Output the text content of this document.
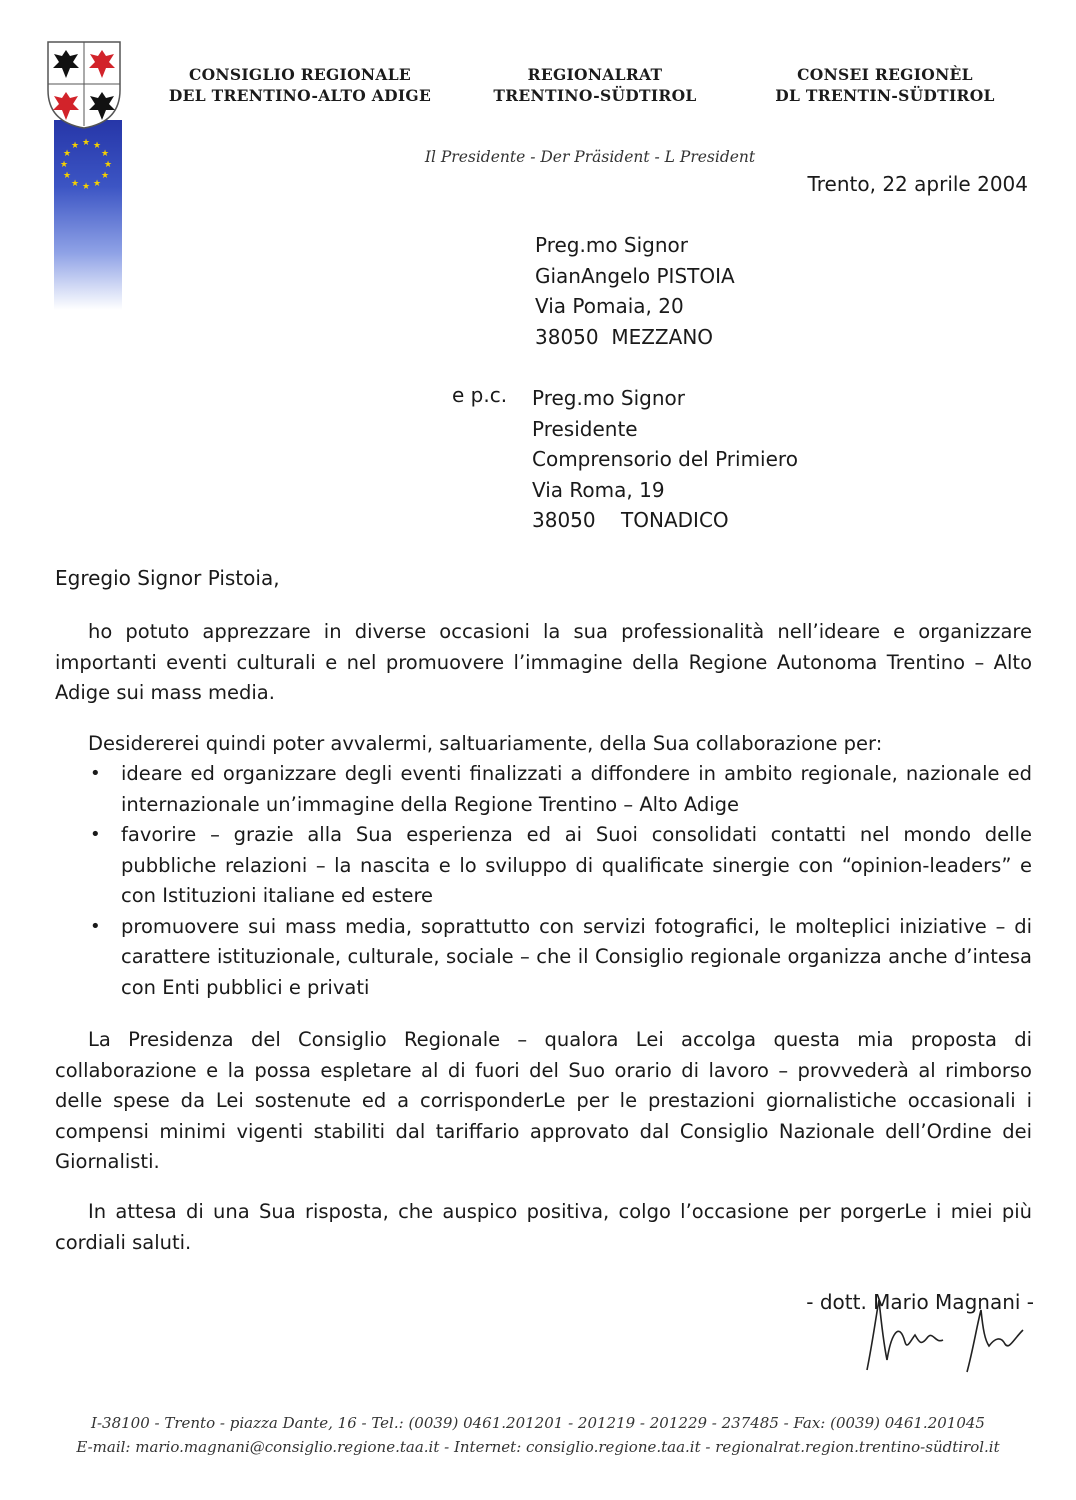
★ ★
★
★
★
★
★
★
★
★
★
★
CONSIGLIO REGIONALE
DEL TRENTINO-ALTO ADIGE
REGIONALRAT
TRENTINO-SÜDTIROL
CONSEI REGIONÈL
DL TRENTIN-SÜDTIROL
Il Presidente - Der Präsident - L President
Trento, 22 aprile 2004
Preg.mo Signor
GianAngelo PISTOIA
Via Pomaia, 20
38050  MEZZANO
e p.c. Preg.mo Signor
Presidente
Comprensorio del Primiero
Via Roma, 19
38050    TONADICO
Egregio Signor Pistoia,

ho potuto apprezzare in diverse occasioni la sua professionalità nell’ideare e organizzare importanti eventi culturali e nel promuovere l’immagine della Regione Autonoma Trentino – Alto Adige sui mass media.

Desidererei quindi poter avvalermi, saltuariamente, della Sua collaborazione per:

• ideare ed organizzare degli eventi finalizzati a diffondere in ambito regionale, nazionale ed internazionale un’immagine della Regione Trentino – Alto Adige
• favorire – grazie alla Sua esperienza ed ai Suoi consolidati contatti nel mondo delle pubbliche relazioni – la nascita e lo sviluppo di qualificate sinergie con “opinion-leaders” e con Istituzioni italiane ed estere
• promuovere sui mass media, soprattutto con servizi fotografici, le molteplici iniziative – di carattere istituzionale, culturale, sociale – che il Consiglio regionale organizza anche d’intesa con Enti pubblici e privati

La Presidenza del Consiglio Regionale – qualora Lei accolga questa mia proposta di collaborazione e la possa espletare al di fuori del Suo orario di lavoro – provvederà al rimborso delle spese da Lei sostenute ed a corrisponderLe per le prestazioni giornalistiche occasionali i compensi minimi vigenti stabiliti dal tariffario approvato dal Consiglio Nazionale dell’Ordine dei Giornalisti.

In attesa di una Sua risposta, che auspico positiva, colgo l’occasione per porgerLe i miei più cordiali saluti.

- dott. Mario Magnani -
I-38100 - Trento - piazza Dante, 16 - Tel.: (0039) 0461.201201 - 201219 - 201229 - 237485 - Fax: (0039) 0461.201045
E-mail: mario.magnani@consiglio.regione.taa.it - Internet: consiglio.regione.taa.it - regionalrat.region.trentino-südtirol.it
